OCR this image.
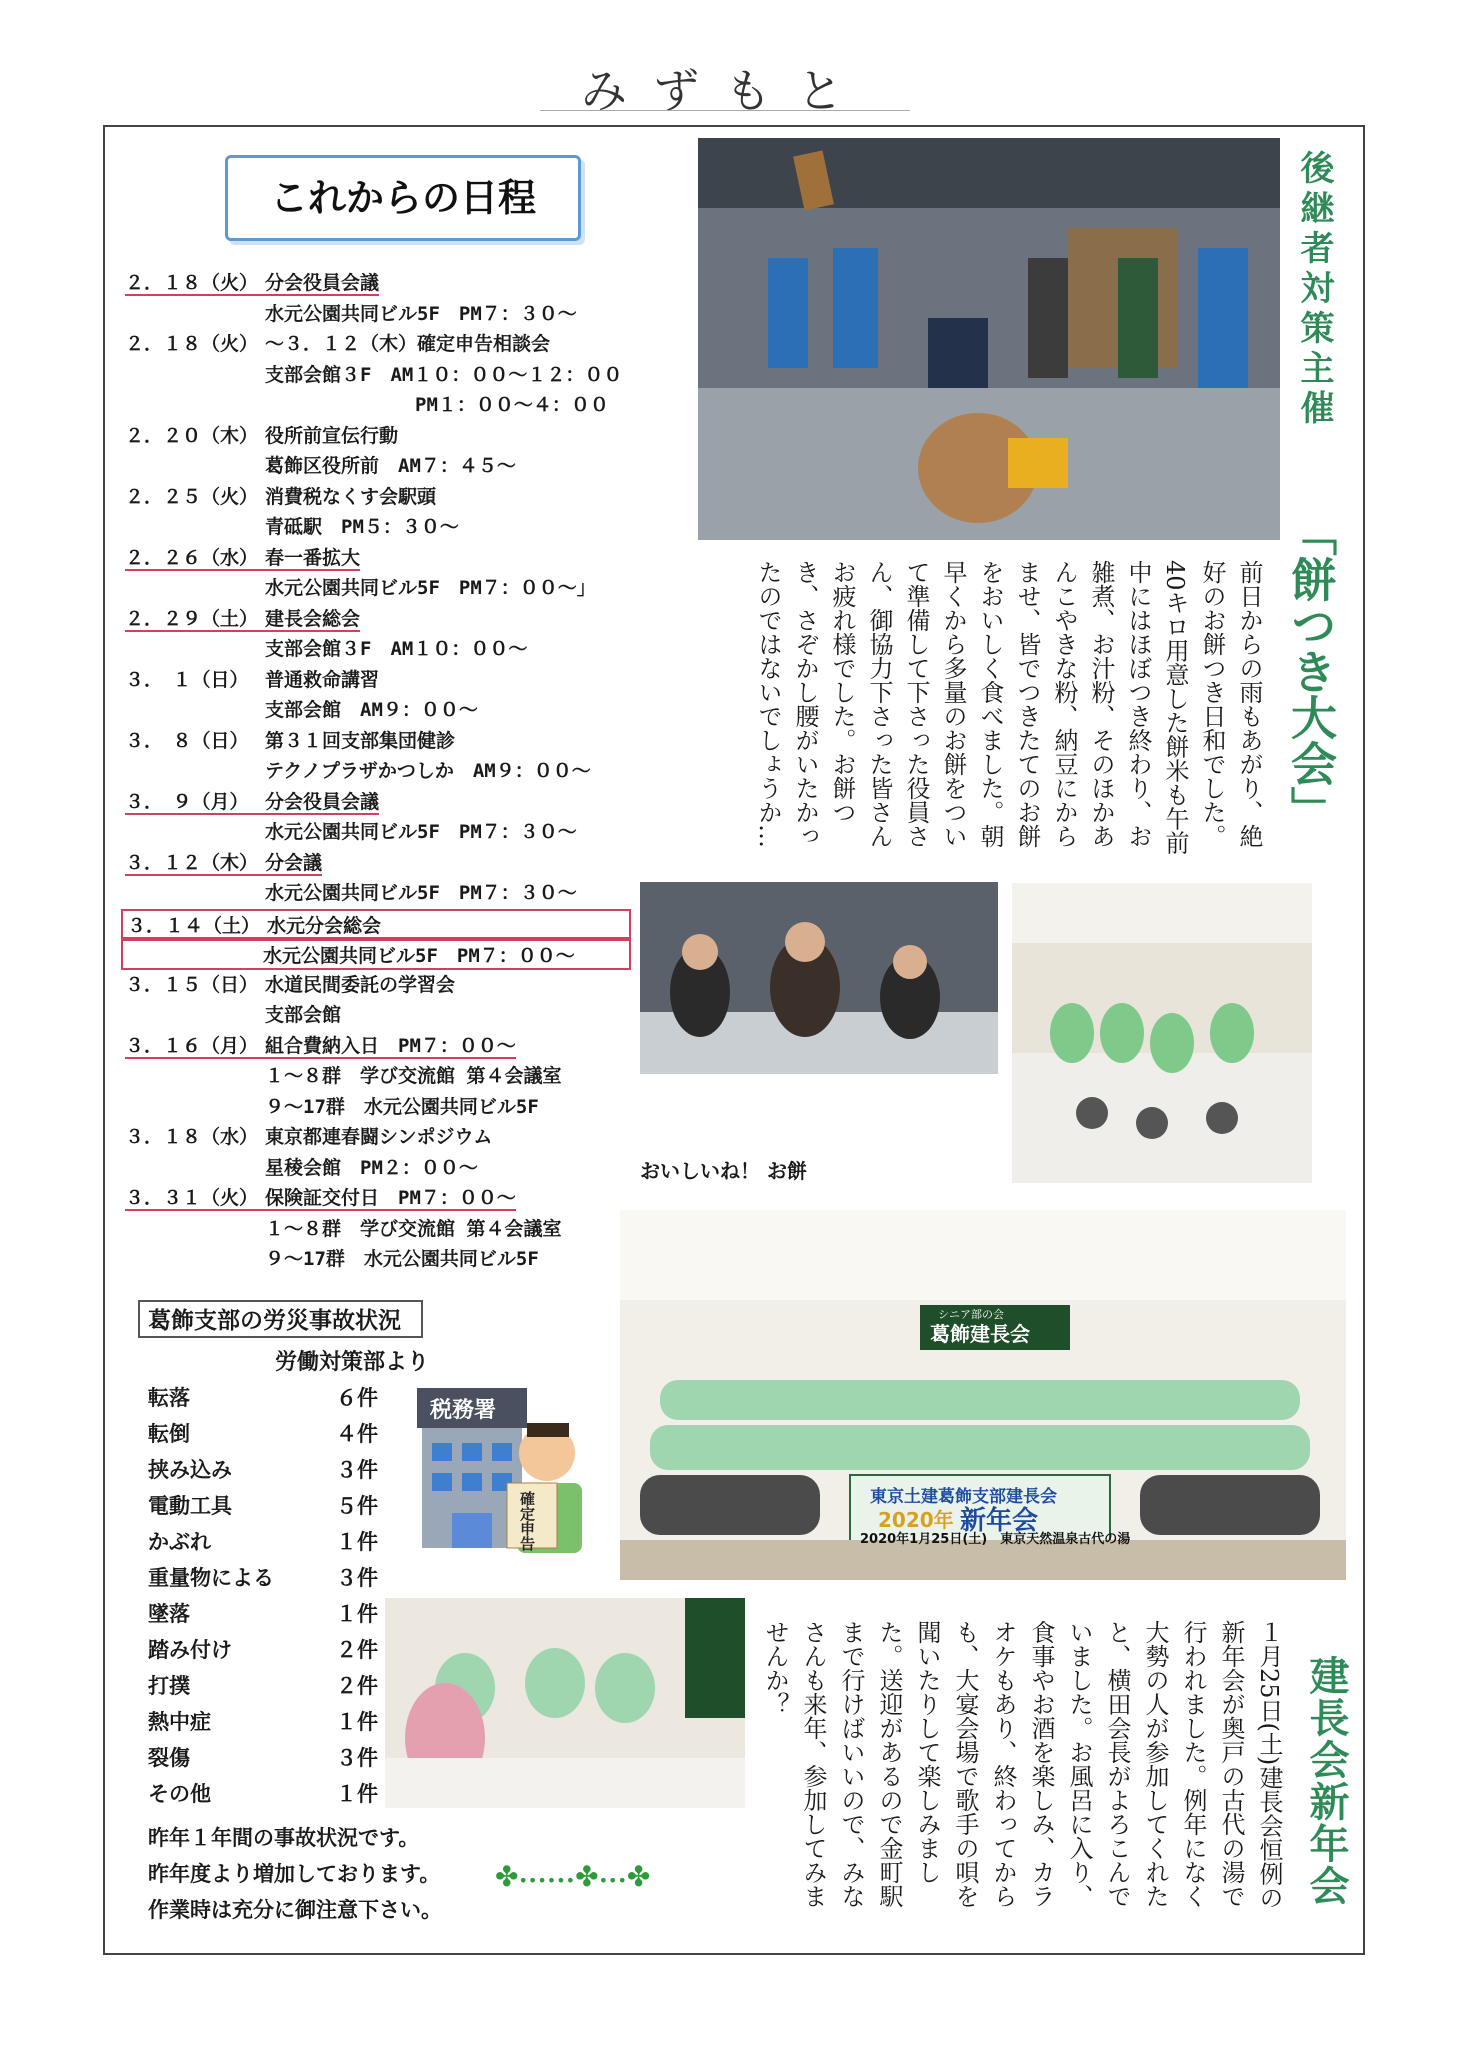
みずもと
これからの日程
２．１８（火） 分会役員会議
水元公園共同ビル5F　PM７：３０～
２．１８（火） ～３．１２（木）確定申告相談会
支部会館３F　AM１０：００～１２：００
PM１：００～４：００
２．２０（木） 役所前宣伝行動
葛飾区役所前　AM７：４５～
２．２５（火） 消費税なくす会駅頭
青砥駅　PM５：３０～
２．２６（水） 春一番拡大
水元公園共同ビル5F　PM７：００～」
２．２９（土） 建長会総会
支部会館３F　AM１０：００～
３．　１（日） 普通救命講習
支部会館　AM９：００～
３．　８（日） 第３１回支部集団健診
テクノプラザかつしか　AM９：００～
３．　９（月） 分会役員会議
水元公園共同ビル5F　PM７：３０～
３．１２（木） 分会議
水元公園共同ビル5F　PM７：３０～
３．１４（土） 水元分会総会
水元公園共同ビル5F　PM７：００～
３．１５（日） 水道民間委託の学習会
支部会館
３．１６（月） 組合費納入日　PM７：００～
１～８群　学び交流館 第４会議室
９～17群　水元公園共同ビル5F
３．１８（水） 東京都連春闘シンポジウム
星稜会館　PM２：００～
３．３１（火） 保険証交付日　PM７：００～
１～８群　学び交流館 第４会議室
９～17群　水元公園共同ビル5F
後継者対策主催
「餅つき大会」
前日からの雨もあがり、絶好のお餅つき日和でした。40キロ用意した餅米も午前中にはほぼつき終わり、お雑煮、お汁粉、そのほかあんこやきな粉、納豆にからませ、皆でつきたてのお餅をおいしく食べました。朝早くから多量のお餅をついて準備して下さった役員さん、御協力下さった皆さんお疲れ様でした。お餅つき、さぞかし腰がいたかったのではないでしょうか…
おいしいね！ お餅
葛飾建長会
シニア部の会
東京土建葛飾支部建長会
2020年 新年会
2020年1月25日(土)　東京天然温泉古代の湯
税務署
確定申告
葛飾支部の労災事故状況
労働対策部より
転落	６件
転倒	４件
挟み込み	３件
電動工具	５件
かぶれ	１件
重量物による	３件
墜落	１件
踏み付け	２件
打撲	２件
熱中症	１件
裂傷	３件
その他	１件
昨年１年間の事故状況です。
昨年度より増加しております。
作業時は充分に御注意下さい。
✤••••••✤•••✤	建長会新年会
１月25日(土)建長会恒例の新年会が奥戸の古代の湯で行われました。例年になく大勢の人が参加してくれたと、横田会長がよろこんでいました。お風呂に入り、食事やお酒を楽しみ、カラオケもあり、終わってからも、大宴会場で歌手の唄を聞いたりして楽しみました。送迎があるので金町駅まで行けばいいので、みなさんも来年、参加してみませんか？
